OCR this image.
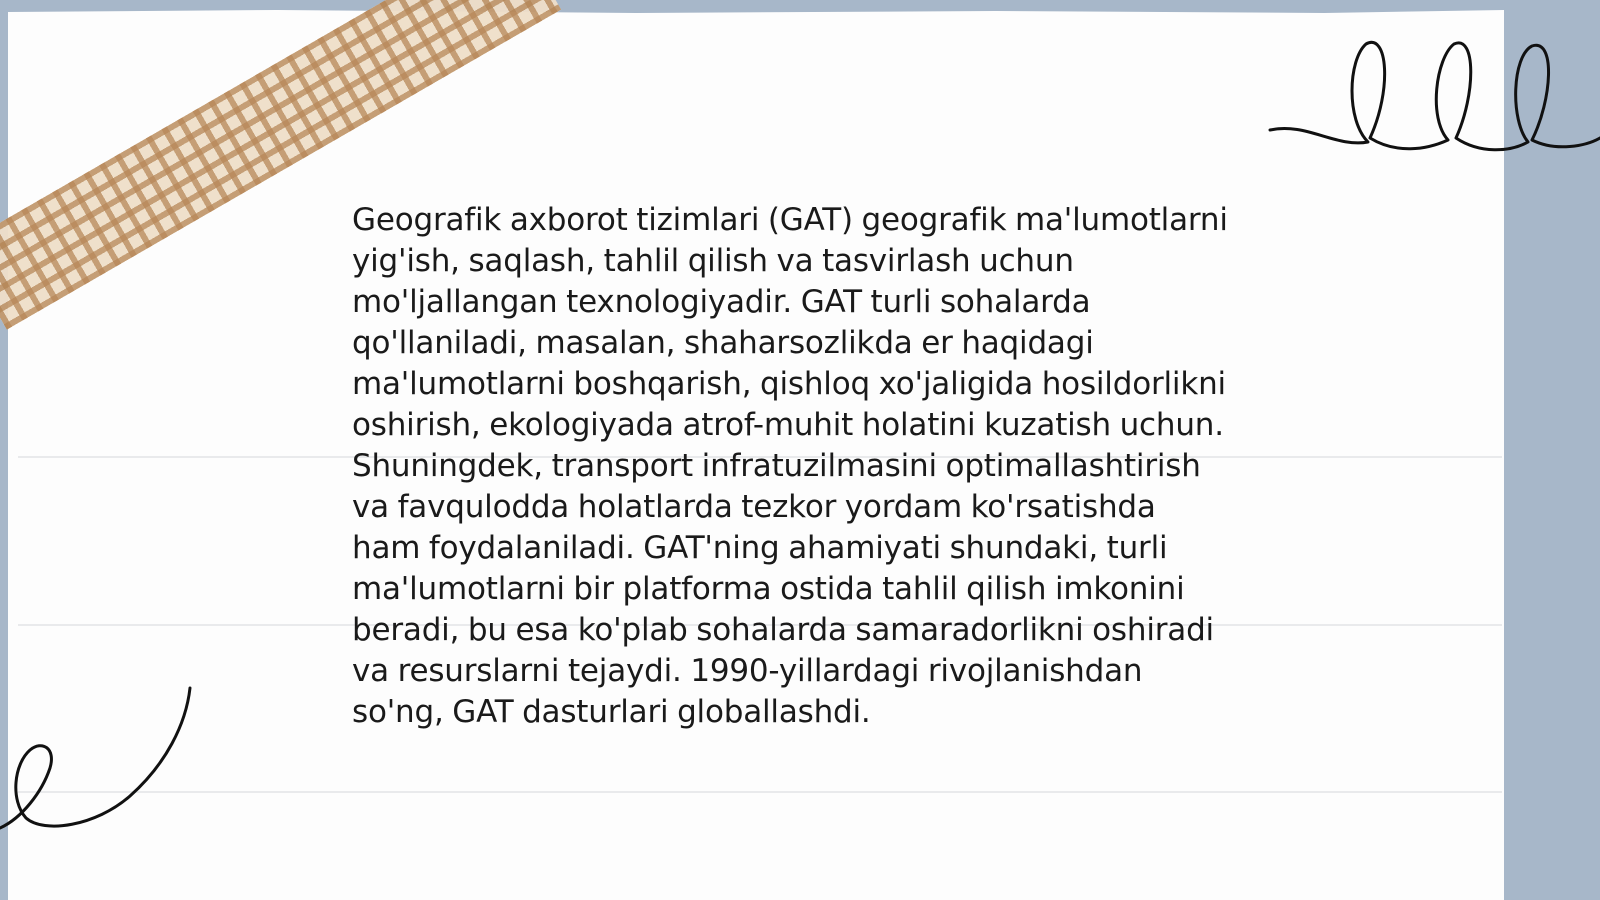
Geografik axborot tizimlari (GAT) geografik ma'lumotlarni yig'ish, saqlash, tahlil qilish va tasvirlash uchun mo'ljallangan texnologiyadir. GAT turli sohalarda qo'llaniladi, masalan, shaharsozlikda er haqidagi ma'lumotlarni boshqarish, qishloq xo'jaligida hosildorlikni oshirish, ekologiyada atrof-muhit holatini kuzatish uchun. Shuningdek, transport infratuzilmasini optimallashtirish va favqulodda holatlarda tezkor yordam ko'rsatishda ham foydalaniladi. GAT'ning ahamiyati shundaki, turli ma'lumotlarni bir platforma ostida tahlil qilish imkonini beradi, bu esa ko'plab sohalarda samaradorlikni oshiradi va resurslarni tejaydi. 1990-yillardagi rivojlanishdan so'ng, GAT dasturlari globallashdi.
